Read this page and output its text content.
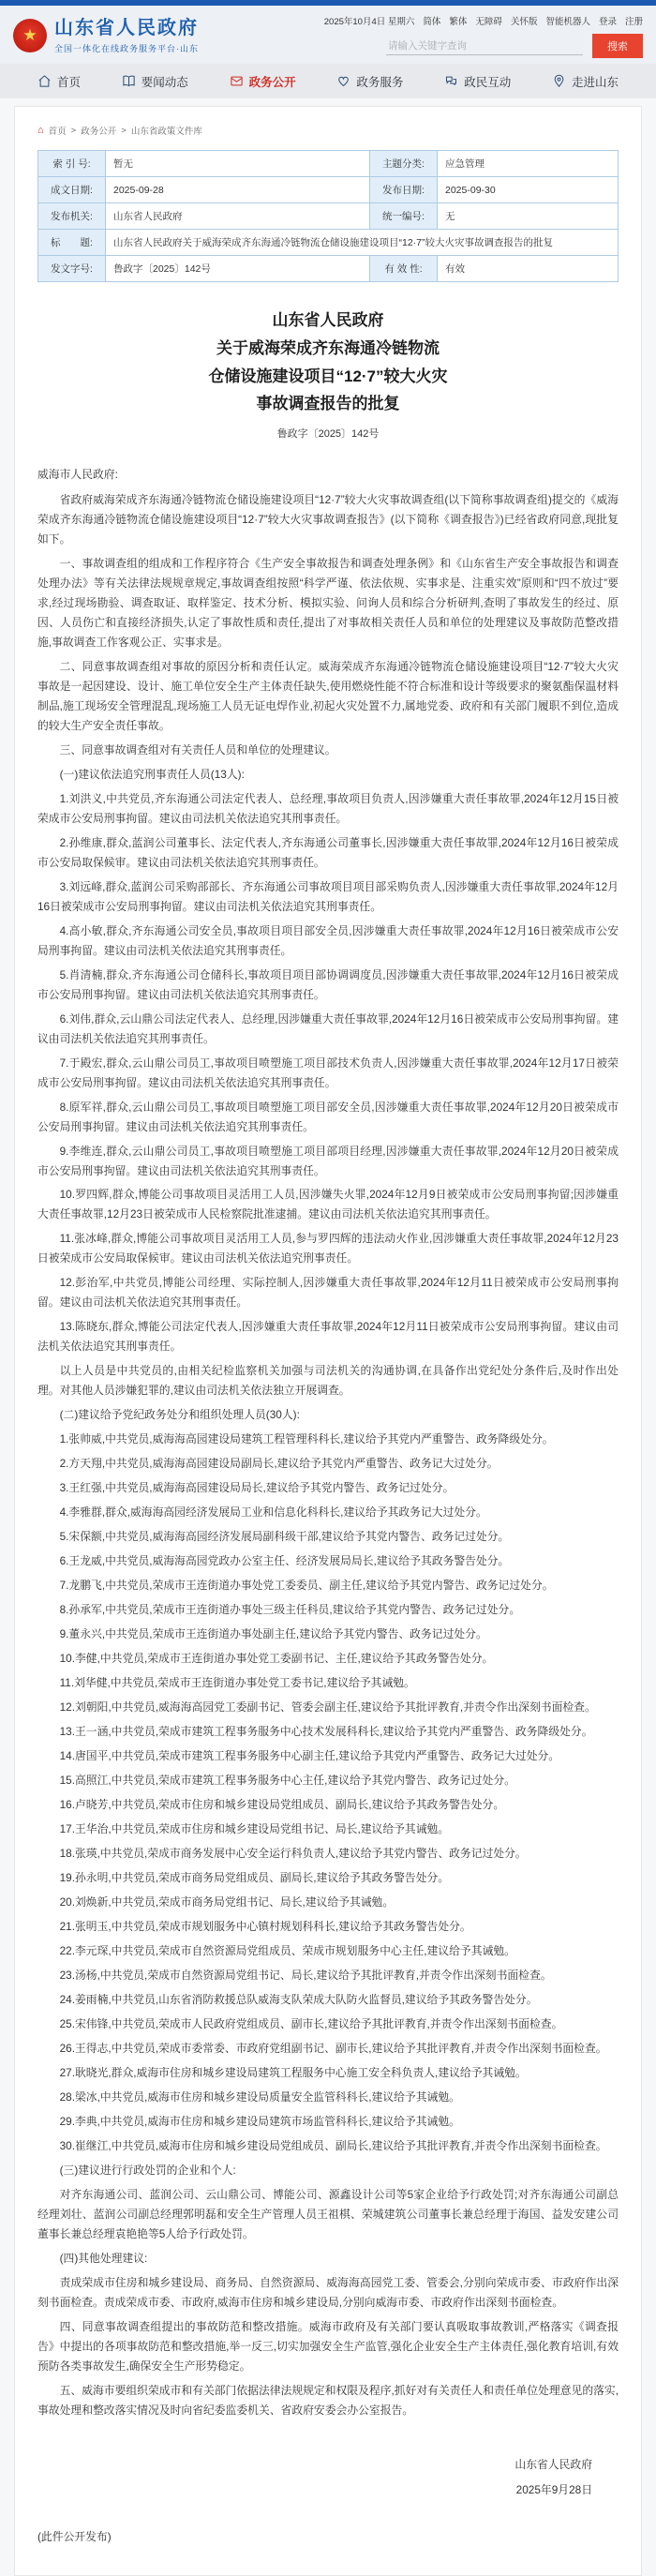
★ 山东省人民政府
全国一体化在线政务服务平台·山东
2025年10月4日 星期六 简体 繁体 无障碍 关怀版 智能机器人 登录 注册
请输入关键字查询
搜索
首页	要闻动态	政务公开	政务服务	政民互动	走进山东
⌂ 首页 > 政务公开 > 山东省政策文件库
索 引 号:	暂无	主题分类:	应急管理
成文日期:	2025-09-28	发布日期:	2025-09-30
发布机关:	山东省人民政府	统一编号:	无
标　　题:	山东省人民政府关于威海荣成齐东海通冷链物流仓储设施建设项目“12·7”较大火灾事故调查报告的批复		
发文字号:	鲁政字〔2025〕142号	有 效 性:	有效
山东省人民政府
关于威海荣成齐东海通冷链物流
仓储设施建设项目“12·7”较大火灾
事故调查报告的批复
鲁政字〔2025〕142号

威海市人民政府:

省政府威海荣成齐东海通冷链物流仓储设施建设项目“12·7”较大火灾事故调查组(以下简称事故调查组)提交的《威海荣成齐东海通冷链物流仓储设施建设项目“12·7”较大火灾事故调查报告》(以下简称《调查报告》)已经省政府同意,现批复如下。

一、事故调查组的组成和工作程序符合《生产安全事故报告和调查处理条例》和《山东省生产安全事故报告和调查处理办法》等有关法律法规规章规定,事故调查组按照“科学严谨、依法依规、实事求是、注重实效”原则和“四不放过”要求,经过现场勘验、调查取证、取样鉴定、技术分析、模拟实验、问询人员和综合分析研判,查明了事故发生的经过、原因、人员伤亡和直接经济损失,认定了事故性质和责任,提出了对事故相关责任人员和单位的处理建议及事故防范整改措施,事故调查工作客观公正、实事求是。

二、同意事故调查组对事故的原因分析和责任认定。威海荣成齐东海通冷链物流仓储设施建设项目“12·7”较大火灾事故是一起因建设、设计、施工单位安全生产主体责任缺失,使用燃烧性能不符合标准和设计等级要求的聚氨酯保温材料制品,施工现场安全管理混乱,现场施工人员无证电焊作业,初起火灾处置不力,属地党委、政府和有关部门履职不到位,造成的较大生产安全责任事故。

三、同意事故调查组对有关责任人员和单位的处理建议。

(一)建议依法追究刑事责任人员(13人):

1.刘洪义,中共党员,齐东海通公司法定代表人、总经理,事故项目负责人,因涉嫌重大责任事故罪,2024年12月15日被荣成市公安局刑事拘留。建议由司法机关依法追究其刑事责任。

2.孙维康,群众,蓝润公司董事长、法定代表人,齐东海通公司董事长,因涉嫌重大责任事故罪,2024年12月16日被荣成市公安局取保候审。建议由司法机关依法追究其刑事责任。

3.刘远峰,群众,蓝润公司采购部部长、齐东海通公司事故项目项目部采购负责人,因涉嫌重大责任事故罪,2024年12月16日被荣成市公安局刑事拘留。建议由司法机关依法追究其刑事责任。

4.高小敏,群众,齐东海通公司安全员,事故项目项目部安全员,因涉嫌重大责任事故罪,2024年12月16日被荣成市公安局刑事拘留。建议由司法机关依法追究其刑事责任。

5.肖清楠,群众,齐东海通公司仓储科长,事故项目项目部协调调度员,因涉嫌重大责任事故罪,2024年12月16日被荣成市公安局刑事拘留。建议由司法机关依法追究其刑事责任。

6.刘伟,群众,云山鼎公司法定代表人、总经理,因涉嫌重大责任事故罪,2024年12月16日被荣成市公安局刑事拘留。建议由司法机关依法追究其刑事责任。

7.于殿宏,群众,云山鼎公司员工,事故项目喷塑施工项目部技术负责人,因涉嫌重大责任事故罪,2024年12月17日被荣成市公安局刑事拘留。建议由司法机关依法追究其刑事责任。

8.原军祥,群众,云山鼎公司员工,事故项目喷塑施工项目部安全员,因涉嫌重大责任事故罪,2024年12月20日被荣成市公安局刑事拘留。建议由司法机关依法追究其刑事责任。

9.李维连,群众,云山鼎公司员工,事故项目喷塑施工项目部项目经理,因涉嫌重大责任事故罪,2024年12月20日被荣成市公安局刑事拘留。建议由司法机关依法追究其刑事责任。

10.罗四辉,群众,博能公司事故项目灵活用工人员,因涉嫌失火罪,2024年12月9日被荣成市公安局刑事拘留;因涉嫌重大责任事故罪,12月23日被荣成市人民检察院批准逮捕。建议由司法机关依法追究其刑事责任。

11.张冰峰,群众,博能公司事故项目灵活用工人员,参与罗四辉的违法动火作业,因涉嫌重大责任事故罪,2024年12月23日被荣成市公安局取保候审。建议由司法机关依法追究刑事责任。

12.彭治军,中共党员,博能公司经理、实际控制人,因涉嫌重大责任事故罪,2024年12月11日被荣成市公安局刑事拘留。建议由司法机关依法追究其刑事责任。

13.陈晓东,群众,博能公司法定代表人,因涉嫌重大责任事故罪,2024年12月11日被荣成市公安局刑事拘留。建议由司法机关依法追究其刑事责任。

以上人员是中共党员的,由相关纪检监察机关加强与司法机关的沟通协调,在具备作出党纪处分条件后,及时作出处理。对其他人员涉嫌犯罪的,建议由司法机关依法独立开展调查。

(二)建议给予党纪政务处分和组织处理人员(30人):

1.张帅威,中共党员,威海海高园建设局建筑工程管理科科长,建议给予其党内严重警告、政务降级处分。

2.方天翔,中共党员,威海海高园建设局副局长,建议给予其党内严重警告、政务记大过处分。

3.王红强,中共党员,威海海高园建设局局长,建议给予其党内警告、政务记过处分。

4.李雅群,群众,威海海高园经济发展局工业和信息化科科长,建议给予其政务记大过处分。

5.宋保额,中共党员,威海海高园经济发展局副科级干部,建议给予其党内警告、政务记过处分。

6.王龙威,中共党员,威海海高园党政办公室主任、经济发展局局长,建议给予其政务警告处分。

7.龙鹏飞,中共党员,荣成市王连街道办事处党工委委员、副主任,建议给予其党内警告、政务记过处分。

8.孙承军,中共党员,荣成市王连街道办事处三级主任科员,建议给予其党内警告、政务记过处分。

9.董永兴,中共党员,荣成市王连街道办事处副主任,建议给予其党内警告、政务记过处分。

10.李健,中共党员,荣成市王连街道办事处党工委副书记、主任,建议给予其政务警告处分。

11.刘华健,中共党员,荣成市王连街道办事处党工委书记,建议给予其诫勉。

12.刘朝阳,中共党员,威海海高园党工委副书记、管委会副主任,建议给予其批评教育,并责令作出深刻书面检查。

13.王一涵,中共党员,荣成市建筑工程事务服务中心技术发展科科长,建议给予其党内严重警告、政务降级处分。

14.唐国平,中共党员,荣成市建筑工程事务服务中心副主任,建议给予其党内严重警告、政务记大过处分。

15.高照江,中共党员,荣成市建筑工程事务服务中心主任,建议给予其党内警告、政务记过处分。

16.卢晓芳,中共党员,荣成市住房和城乡建设局党组成员、副局长,建议给予其政务警告处分。

17.王华治,中共党员,荣成市住房和城乡建设局党组书记、局长,建议给予其诫勉。

18.张瑛,中共党员,荣成市商务发展中心安全运行科负责人,建议给予其党内警告、政务记过处分。

19.孙永明,中共党员,荣成市商务局党组成员、副局长,建议给予其政务警告处分。

20.刘焕新,中共党员,荣成市商务局党组书记、局长,建议给予其诫勉。

21.张明玉,中共党员,荣成市规划服务中心镇村规划科科长,建议给予其政务警告处分。

22.李元琛,中共党员,荣成市自然资源局党组成员、荣成市规划服务中心主任,建议给予其诫勉。

23.汤杨,中共党员,荣成市自然资源局党组书记、局长,建议给予其批评教育,并责令作出深刻书面检查。

24.姜雨楠,中共党员,山东省消防救援总队威海支队荣成大队防火监督员,建议给予其政务警告处分。

25.宋伟锋,中共党员,荣成市人民政府党组成员、副市长,建议给予其批评教育,并责令作出深刻书面检查。

26.王得志,中共党员,荣成市委常委、市政府党组副书记、副市长,建议给予其批评教育,并责令作出深刻书面检查。

27.耿晓光,群众,威海市住房和城乡建设局建筑工程服务中心施工安全科负责人,建议给予其诫勉。

28.梁冰,中共党员,威海市住房和城乡建设局质量安全监管科科长,建议给予其诫勉。

29.李典,中共党员,威海市住房和城乡建设局建筑市场监管科科长,建议给予其诫勉。

30.崔继江,中共党员,威海市住房和城乡建设局党组成员、副局长,建议给予其批评教育,并责令作出深刻书面检查。

(三)建议进行行政处罚的企业和个人:

对齐东海通公司、蓝润公司、云山鼎公司、博能公司、源鑫设计公司等5家企业给予行政处罚;对齐东海通公司副总经理刘壮、蓝润公司副总经理郭明磊和安全生产管理人员王祖棋、荣城建筑公司董事长兼总经理于海国、益发安建公司董事长兼总经理袁艳艳等5人给予行政处罚。

(四)其他处理建议:

责成荣成市住房和城乡建设局、商务局、自然资源局、威海海高园党工委、管委会,分别向荣成市委、市政府作出深刻书面检查。责成荣成市委、市政府,威海市住房和城乡建设局,分别向威海市委、市政府作出深刻书面检查。

四、同意事故调查组提出的事故防范和整改措施。威海市政府及有关部门要认真吸取事故教训,严格落实《调查报告》中提出的各项事故防范和整改措施,举一反三,切实加强安全生产监管,强化企业安全生产主体责任,强化教育培训,有效预防各类事故发生,确保安全生产形势稳定。

五、威海市要组织荣成市和有关部门依据法律法规规定和权限及程序,抓好对有关责任人和责任单位处理意见的落实,事故处理和整改落实情况及时向省纪委监委机关、省政府安委会办公室报告。

山东省人民政府
2025年9月28日

(此件公开发布)
